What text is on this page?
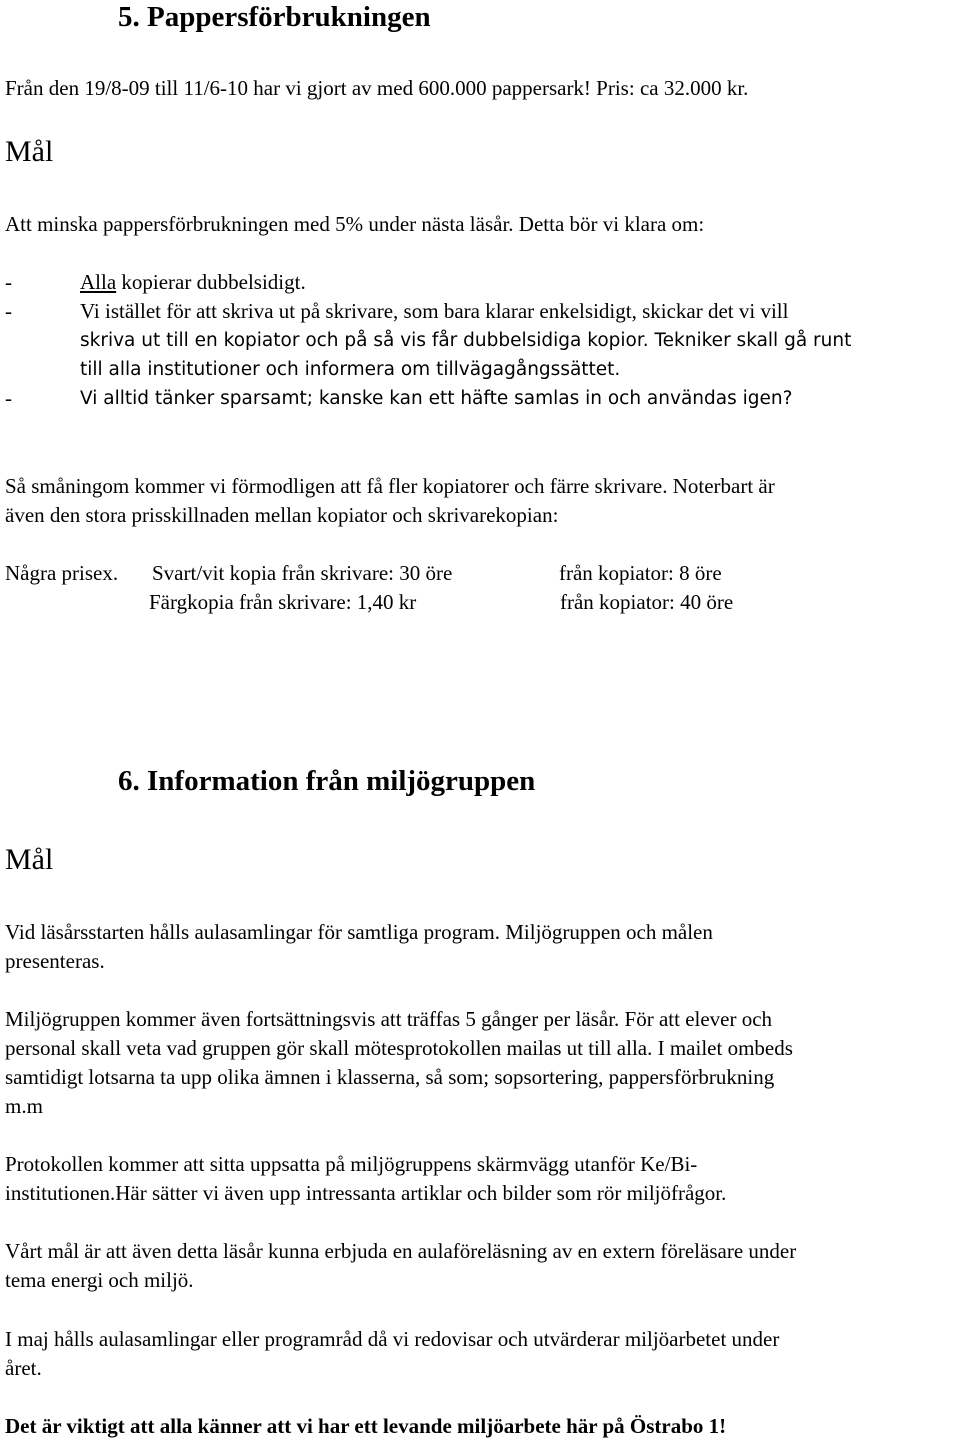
5. Pappersförbrukningen
Från den 19/8-09 till 11/6-10 har vi gjort av med 600.000 pappersark! Pris: ca 32.000 kr.
Mål
Att minska pappersförbrukningen med 5% under nästa läsår. Detta bör vi klara om:
-	Alla kopierar dubbelsidigt.
-	Vi istället för att skriva ut på skrivare, som bara klarar enkelsidigt, skickar det vi vill
skriva ut till en kopiator och på så vis får dubbelsidiga kopior. Tekniker skall gå runt
till alla institutioner och informera om tillvägagångssättet.
-	Vi alltid tänker sparsamt; kanske kan ett häfte samlas in och användas igen?
Så småningom kommer vi förmodligen att få fler kopiatorer och färre skrivare. Noterbart är
även den stora prisskillnaden mellan kopiator och skrivarekopian:
Några prisex. Svart/vit kopia från skrivare: 30 öre	från kopiator: 8 öre
Färgkopia från skrivare: 1,40 kr	från kopiator: 40 öre
6. Information från miljögruppen
Mål
Vid läsårsstarten hålls aulasamlingar för samtliga program. Miljögruppen och målen
presenteras.
Miljögruppen kommer även fortsättningsvis att träffas 5 gånger per läsår. För att elever och
personal skall veta vad gruppen gör skall mötesprotokollen mailas ut till alla. I mailet ombeds
samtidigt lotsarna ta upp olika ämnen i klasserna, så som; sopsortering, pappersförbrukning
m.m
Protokollen kommer att sitta uppsatta på miljögruppens skärmvägg utanför Ke/Bi-
institutionen.Här sätter vi även upp intressanta artiklar och bilder som rör miljöfrågor.
Vårt mål är att även detta läsår kunna erbjuda en aulaföreläsning av en extern föreläsare under
tema energi och miljö.
I maj hålls aulasamlingar eller programråd då vi redovisar och utvärderar miljöarbetet under
året.
Det är viktigt att alla känner att vi har ett levande miljöarbete här på Östrabo 1!
